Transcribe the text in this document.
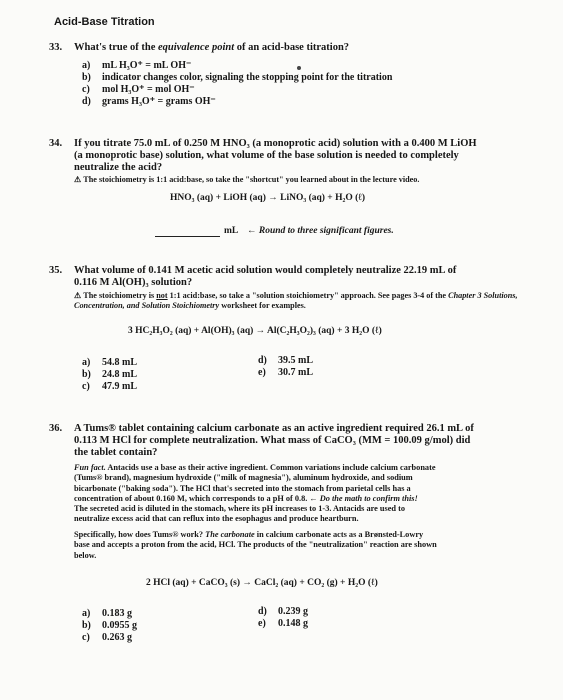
Acid-Base Titration
33. What's true of the equivalence point of an acid-base titration?
a) mL H₃O⁺ = mL OH⁻
b) indicator changes color, signaling the stopping point for the titration
c) mol H₃O⁺ = mol OH⁻
d) grams H₃O⁺ = grams OH⁻
34. If you titrate 75.0 mL of 0.250 M HNO₃ (a monoprotic acid) solution with a 0.400 M LiOH
(a monoprotic base) solution, what volume of the base solution is needed to completely
neutralize the acid?
⚠ The stoichiometry is 1:1 acid:base, so take the "shortcut" you learned about in the lecture video.
HNO₃ (aq) + LiOH (aq) → LiNO₃ (aq) + H₂O (ℓ)
mL ← Round to three significant figures.
35. What volume of 0.141 M acetic acid solution would completely neutralize 22.19 mL of
0.116 M Al(OH)₃ solution?
⚠ The stoichiometry is not 1:1 acid:base, so take a "solution stoichiometry" approach. See pages 3-4 of the Chapter 3 Solutions, Concentration, and Solution Stoichiometry worksheet for examples.
3 HC₂H₃O₂ (aq) + Al(OH)₃ (aq) → Al(C₂H₃O₂)₃ (aq) + 3 H₂O (ℓ)
a) 54.8 mL
b) 24.8 mL
c) 47.9 mL
d) 39.5 mL
e) 30.7 mL
36. A Tums® tablet containing calcium carbonate as an active ingredient required 26.1 mL of
0.113 M HCl for complete neutralization. What mass of CaCO₃ (MM = 100.09 g/mol) did
the tablet contain?
Fun fact. Antacids use a base as their active ingredient. Common variations include calcium carbonate
(Tums® brand), magnesium hydroxide ("milk of magnesia"), aluminum hydroxide, and sodium
bicarbonate ("baking soda"). The HCl that's secreted into the stomach from parietal cells has a
concentration of about 0.160 M, which corresponds to a pH of 0.8. ← Do the math to confirm this!
The secreted acid is diluted in the stomach, where its pH increases to 1-3. Antacids are used to
neutralize excess acid that can reflux into the esophagus and produce heartburn.
Specifically, how does Tums® work? The carbonate in calcium carbonate acts as a Brønsted-Lowry
base and accepts a proton from the acid, HCl. The products of the "neutralization" reaction are shown
below.
2 HCl (aq) + CaCO₃ (s) → CaCl₂ (aq) + CO₂ (g) + H₂O (ℓ)
a) 0.183 g
b) 0.0955 g
c) 0.263 g
d) 0.239 g
e) 0.148 g
